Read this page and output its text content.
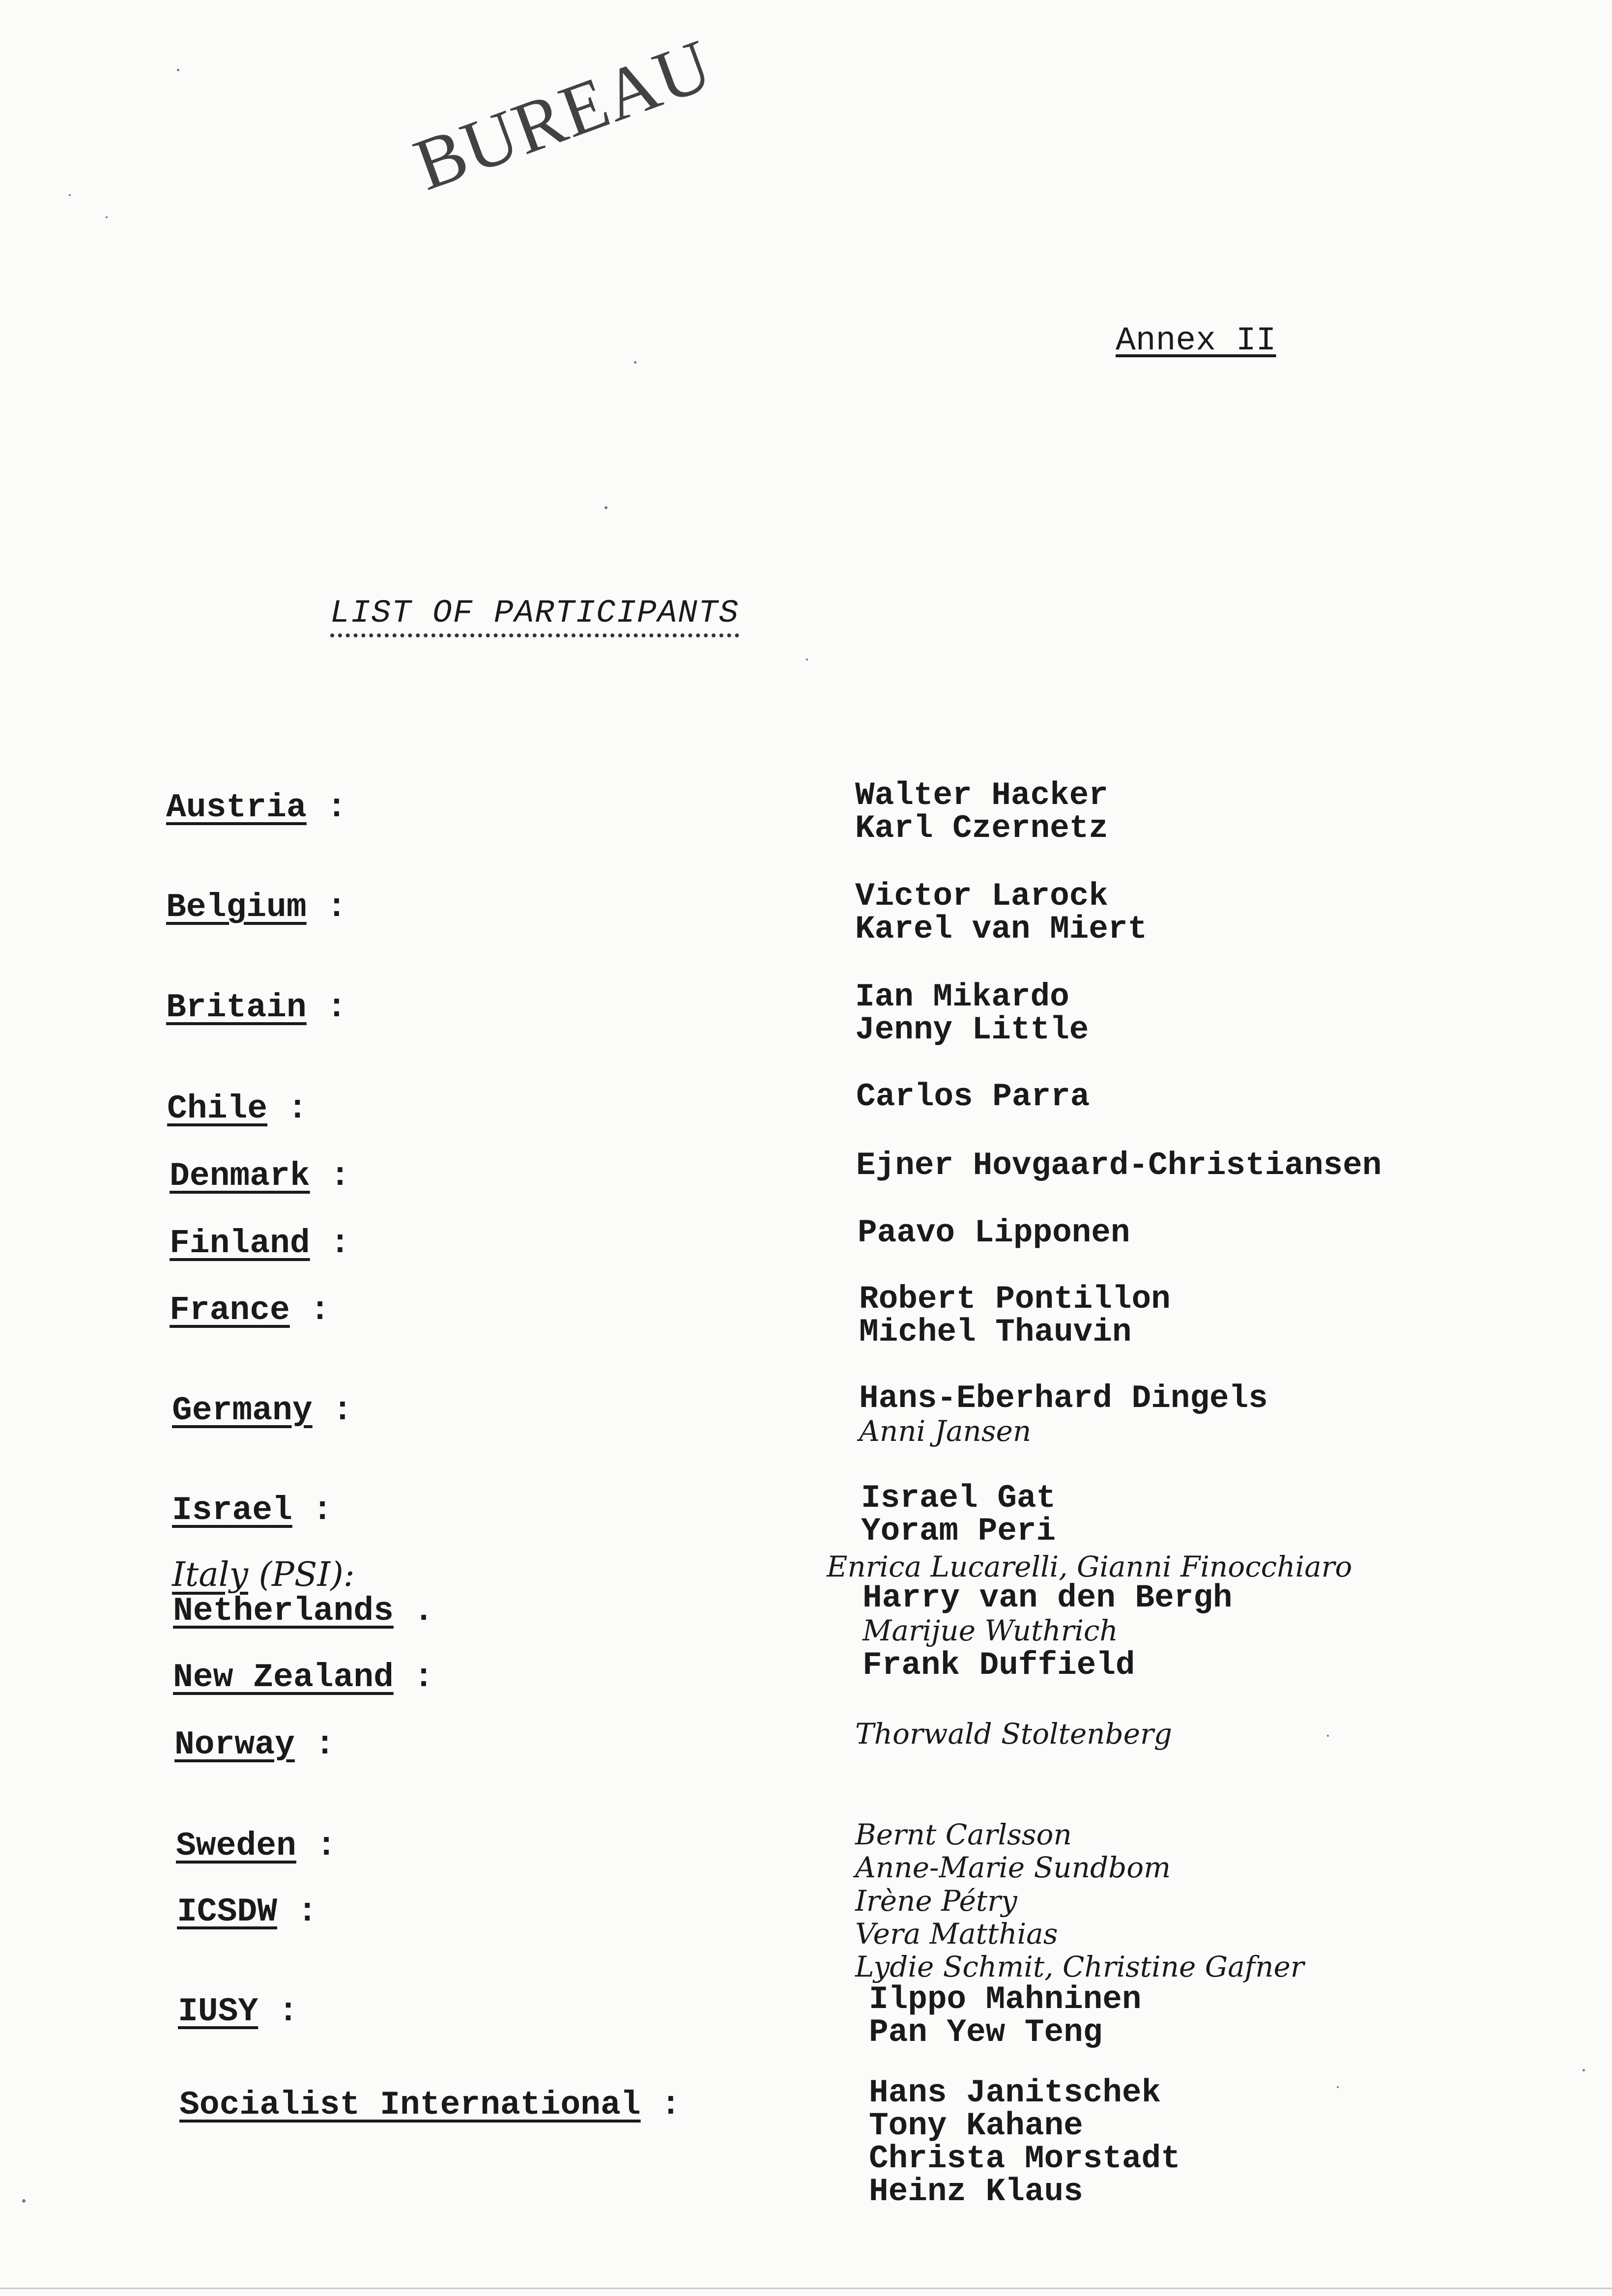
BUREAU
Annex II
LIST OF PARTICIPANTS
Austria :	Walter Hacker
Karl Czernetz
Belgium :	Victor Larock
Karel van Miert
Britain :	Ian Mikardo
Jenny Little
Chile :	Carlos Parra
Denmark :	Ejner Hovgaard-Christiansen
Finland :	Paavo Lipponen
France :	Robert Pontillon
Michel Thauvin
Germany :	Hans-Eberhard Dingels
Anni Jansen
Israel :	Israel Gat
Yoram Peri
Italy (PSI):	Enrica Lucarelli, Gianni Finocchiaro
Netherlands .	Harry van den Bergh
Marijue Wuthrich
New Zealand :	Frank Duffield
Norway :	Thorwald Stoltenberg
Sweden :	Bernt Carlsson
Anne-Marie Sundbom
ICSDW :	Irène Pétry
Vera Matthias
Lydie Schmit, Christine Gafner
IUSY :	Ilppo Mahninen
Pan Yew Teng
Socialist International :	Hans Janitschek
Tony Kahane
Christa Morstadt
Heinz Klaus
